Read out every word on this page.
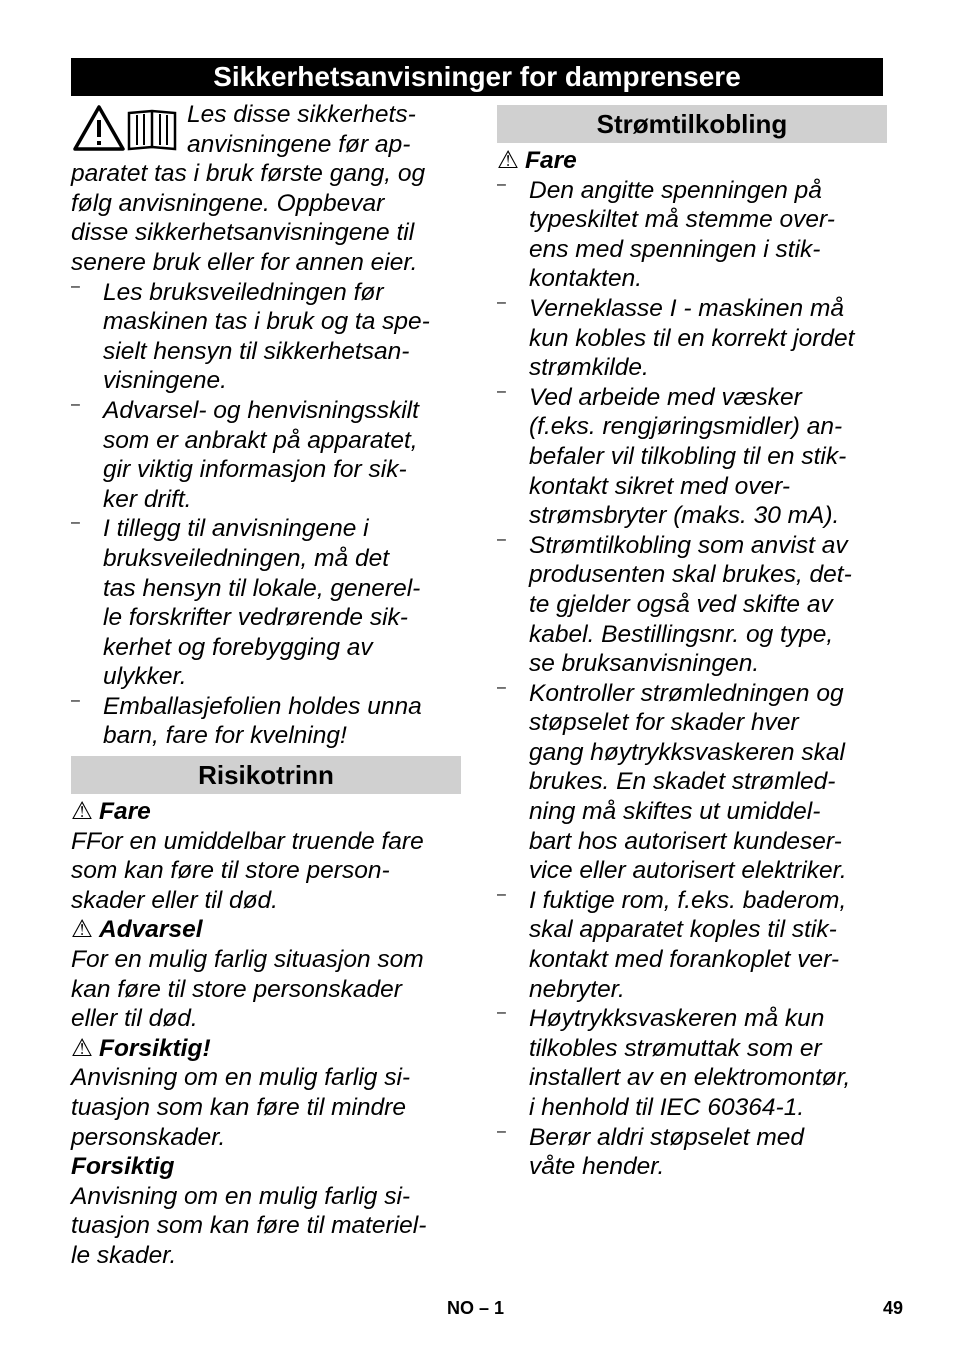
Sikkerhetsanvisninger for damprensere
Les disse sikkerhets-
anvisningene før ap-
paratet tas i bruk første gang, og
følg anvisningene. Oppbevar
disse sikkerhetsanvisningene til
senere bruk eller for annen eier.
– Les bruksveiledningen før
maskinen tas i bruk og ta spe-
sielt hensyn til sikkerhetsan-
visningene.
– Advarsel- og henvisningsskilt
som er anbrakt på apparatet,
gir viktig informasjon for sik-
ker drift.
– I tillegg til anvisningene i
bruksveiledningen, må det
tas hensyn til lokale, generel-
le forskrifter vedrørende sik-
kerhet og forebygging av
ulykker.
– Emballasjefolien holdes unna
barn, fare for kvelning!
Risikotrinn
⚠ Fare
FFor en umiddelbar truende fare
som kan føre til store person-
skader eller til død.
⚠ Advarsel
For en mulig farlig situasjon som
kan føre til store personskader
eller til død.
⚠ Forsiktig!
Anvisning om en mulig farlig si-
tuasjon som kan føre til mindre
personskader.
Forsiktig
Anvisning om en mulig farlig si-
tuasjon som kan føre til materiel-
le skader.
Strømtilkobling
⚠ Fare
– Den angitte spenningen på
typeskiltet må stemme over-
ens med spenningen i stik-
kontakten.
– Verneklasse I - maskinen må
kun kobles til en korrekt jordet
strømkilde.
– Ved arbeide med væsker
(f.eks. rengjøringsmidler) an-
befaler vil tilkobling til en stik-
kontakt sikret med over-
strømsbryter (maks. 30 mA).
– Strømtilkobling som anvist av
produsenten skal brukes, det-
te gjelder også ved skifte av
kabel. Bestillingsnr. og type,
se bruksanvisningen.
– Kontroller strømledningen og
støpselet for skader hver
gang høytrykksvaskeren skal
brukes. En skadet strømled-
ning må skiftes ut umiddel-
bart hos autorisert kundeser-
vice eller autorisert elektriker.
– I fuktige rom, f.eks. baderom,
skal apparatet koples til stik-
kontakt med forankoplet ver-
nebryter.
– Høytrykksvaskeren må kun
tilkobles strømuttak som er
installert av en elektromontør,
i henhold til IEC 60364-1.
– Berør aldri støpselet med
våte hender.
NO – 1	49
